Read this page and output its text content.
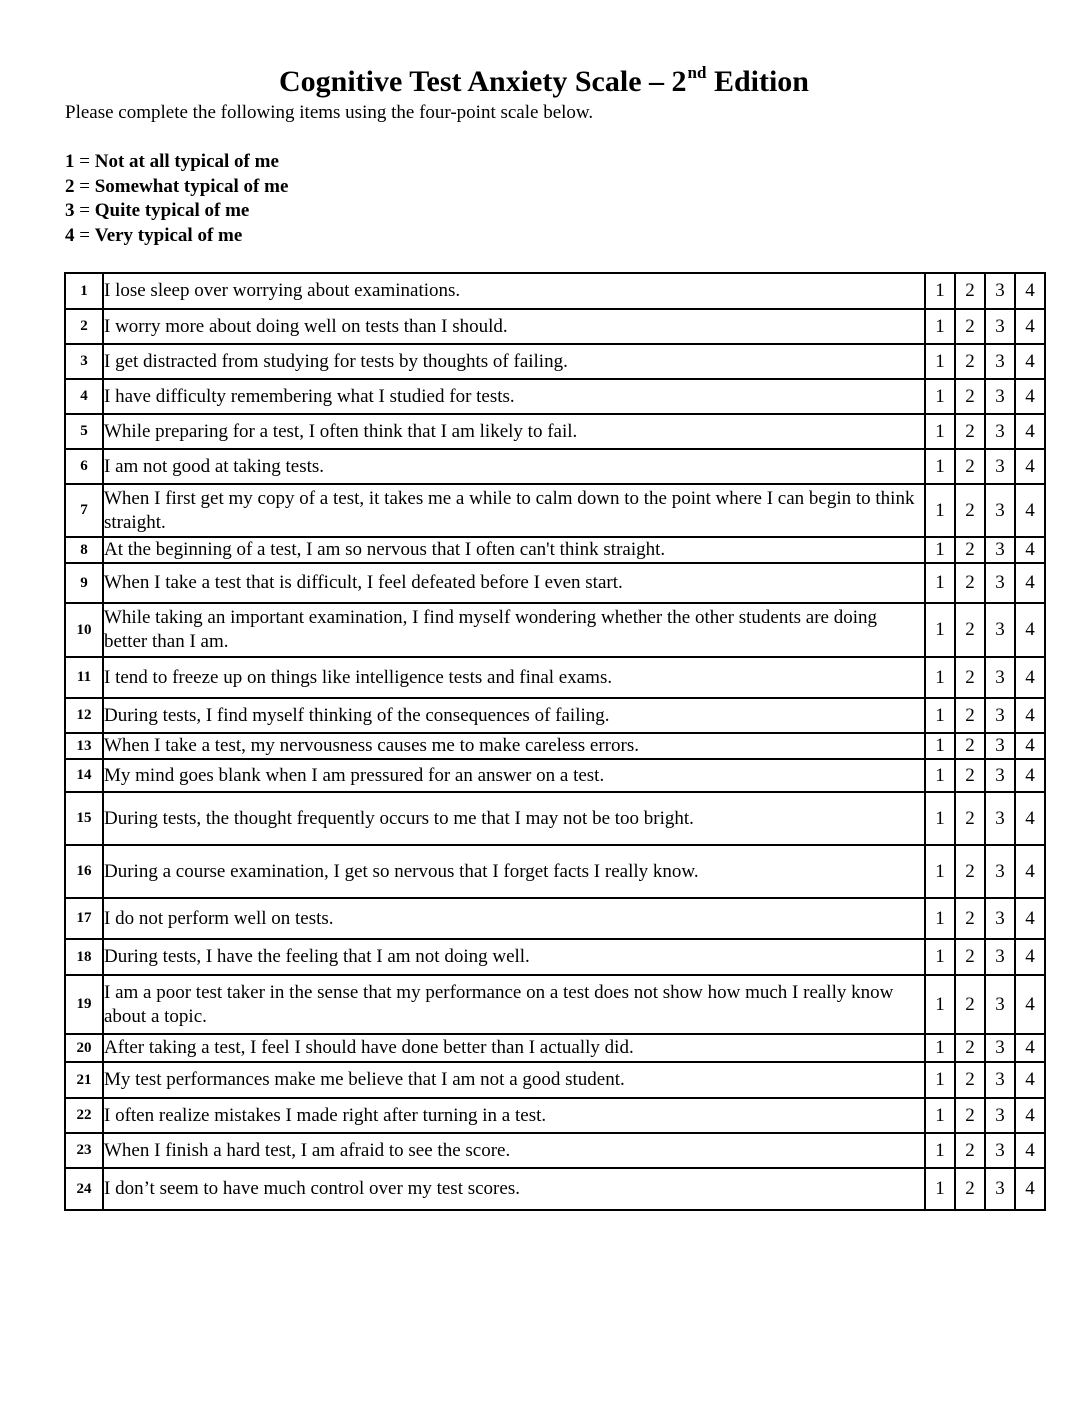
Cognitive Test Anxiety Scale – 2nd Edition

Please complete the following items using the four-point scale below.

1 = Not at all typical of me
2 = Somewhat typical of me
3 = Quite typical of me
4 = Very typical of me
1	I lose sleep over worrying about examinations.	1	2	3	4
2	I worry more about doing well on tests than I should.	1	2	3	4
3	I get distracted from studying for tests by thoughts of failing.	1	2	3	4
4	I have difficulty remembering what I studied for tests.	1	2	3	4
5	While preparing for a test, I often think that I am likely to fail.	1	2	3	4
6	I am not good at taking tests.	1	2	3	4
7	When I first get my copy of a test, it takes me a while to calm down to the point where I can begin to think straight.	1	2	3	4
8	At the beginning of a test, I am so nervous that I often can't think straight.	1	2	3	4
9	When I take a test that is difficult, I feel defeated before I even start.	1	2	3	4
10	While taking an important examination, I find myself wondering whether the other students are doing better than I am.	1	2	3	4
11	I tend to freeze up on things like intelligence tests and final exams.	1	2	3	4
12	During tests, I find myself thinking of the consequences of failing.	1	2	3	4
13	When I take a test, my nervousness causes me to make careless errors.	1	2	3	4
14	My mind goes blank when I am pressured for an answer on a test.	1	2	3	4
15	During tests, the thought frequently occurs to me that I may not be too bright.	1	2	3	4
16	During a course examination, I get so nervous that I forget facts I really know.	1	2	3	4
17	I do not perform well on tests.	1	2	3	4
18	During tests, I have the feeling that I am not doing well.	1	2	3	4
19	I am a poor test taker in the sense that my performance on a test does not show how much I really know about a topic.	1	2	3	4
20	After taking a test, I feel I should have done better than I actually did.	1	2	3	4
21	My test performances make me believe that I am not a good student.	1	2	3	4
22	I often realize mistakes I made right after turning in a test.	1	2	3	4
23	When I finish a hard test, I am afraid to see the score.	1	2	3	4
24	I don’t seem to have much control over my test scores.	1	2	3	4
